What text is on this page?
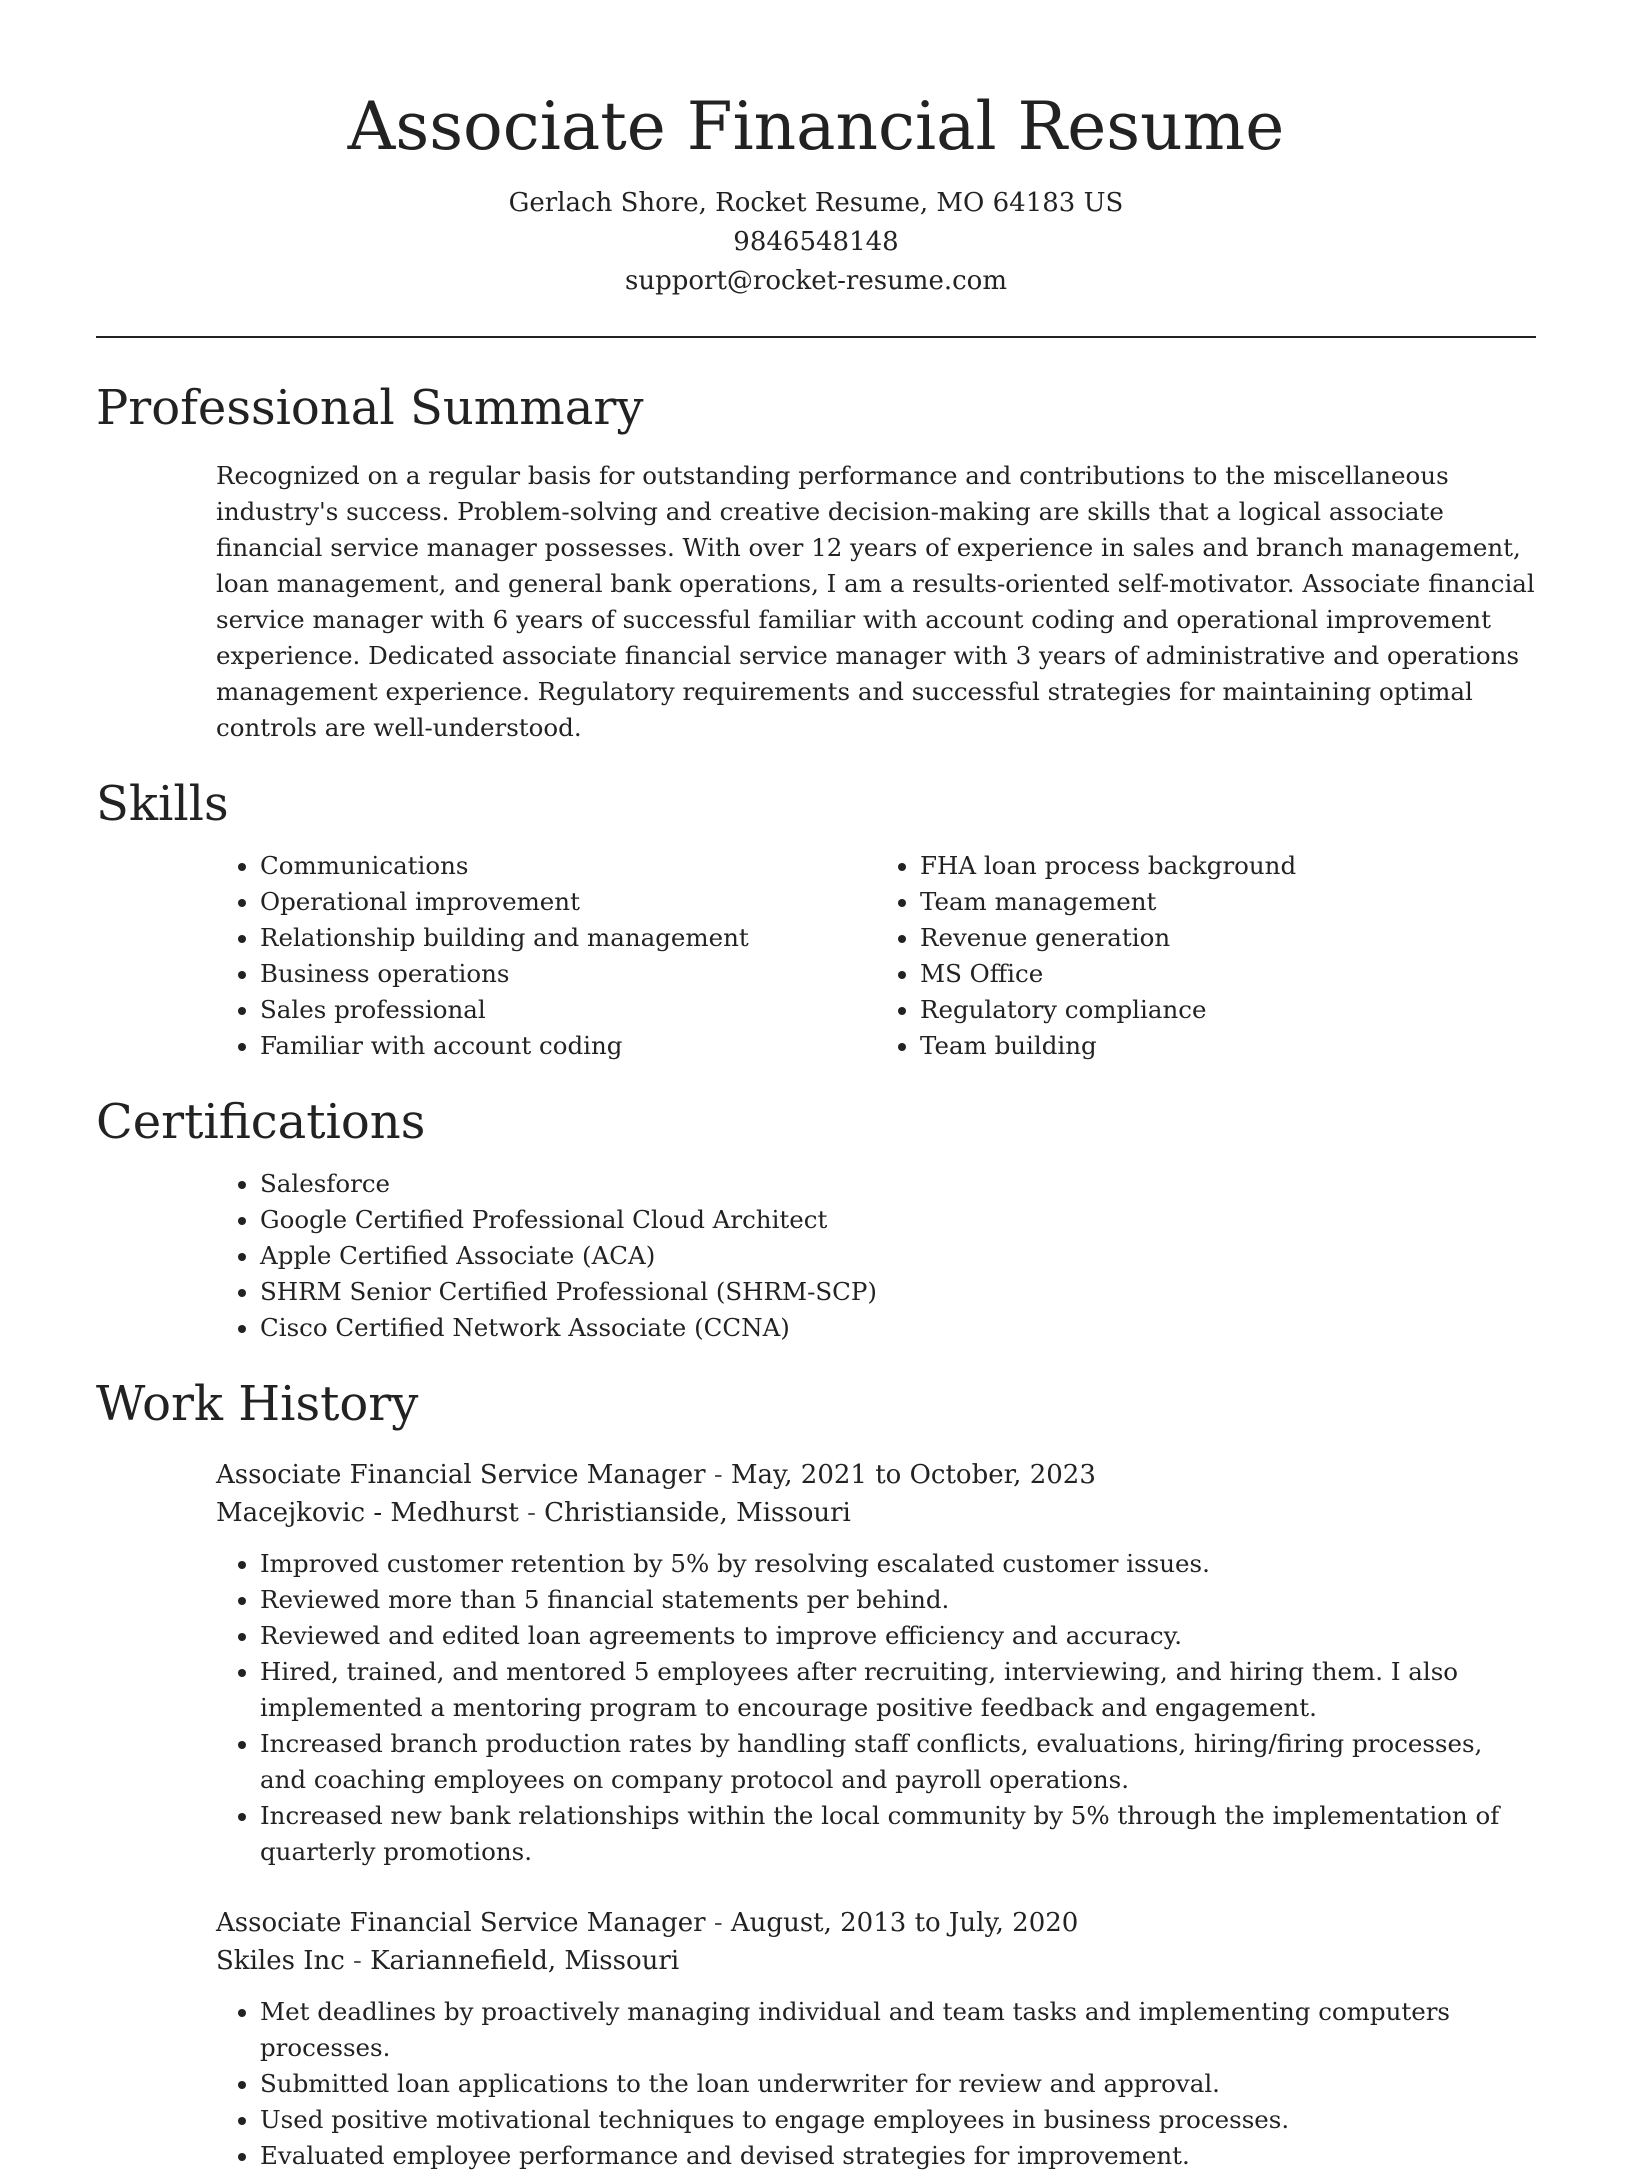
Associate Financial Resume
Gerlach Shore, Rocket Resume, MO 64183 US
9846548148
support@rocket-resume.com
Professional Summary

Recognized on a regular basis for outstanding performance and contributions to the miscellaneous industry's success. Problem-solving and creative decision-making are skills that a logical associate financial service manager possesses. With over 12 years of experience in sales and branch management, loan management, and general bank operations, I am a results-oriented self-motivator. Associate financial service manager with 6 years of successful familiar with account coding and operational improvement experience. Dedicated associate financial service manager with 3 years of administrative and operations management experience. Regulatory requirements and successful strategies for maintaining optimal controls are well-understood.

Skills
• Communications
• Operational improvement
• Relationship building and management
• Business operations
• Sales professional
• Familiar with account coding
• FHA loan process background
• Team management
• Revenue generation
• MS Office
• Regulatory compliance
• Team building
Certifications
• Salesforce
• Google Certified Professional Cloud Architect
• Apple Certified Associate (ACA)
• SHRM Senior Certified Professional (SHRM-SCP)
• Cisco Certified Network Associate (CCNA)
Work History
Associate Financial Service Manager - May, 2021 to October, 2023
Macejkovic - Medhurst - Christianside, Missouri
• Improved customer retention by 5% by resolving escalated customer issues.
• Reviewed more than 5 financial statements per behind.
• Reviewed and edited loan agreements to improve efficiency and accuracy.
• Hired, trained, and mentored 5 employees after recruiting, interviewing, and hiring them. I also implemented a mentoring program to encourage positive feedback and engagement.
• Increased branch production rates by handling staff conflicts, evaluations, hiring/firing processes, and coaching employees on company protocol and payroll operations.
• Increased new bank relationships within the local community by 5% through the implementation of quarterly promotions.
Associate Financial Service Manager - August, 2013 to July, 2020
Skiles Inc - Kariannefield, Missouri
• Met deadlines by proactively managing individual and team tasks and implementing computers processes.
• Submitted loan applications to the loan underwriter for review and approval.
• Used positive motivational techniques to engage employees in business processes.
• Evaluated employee performance and devised strategies for improvement.
